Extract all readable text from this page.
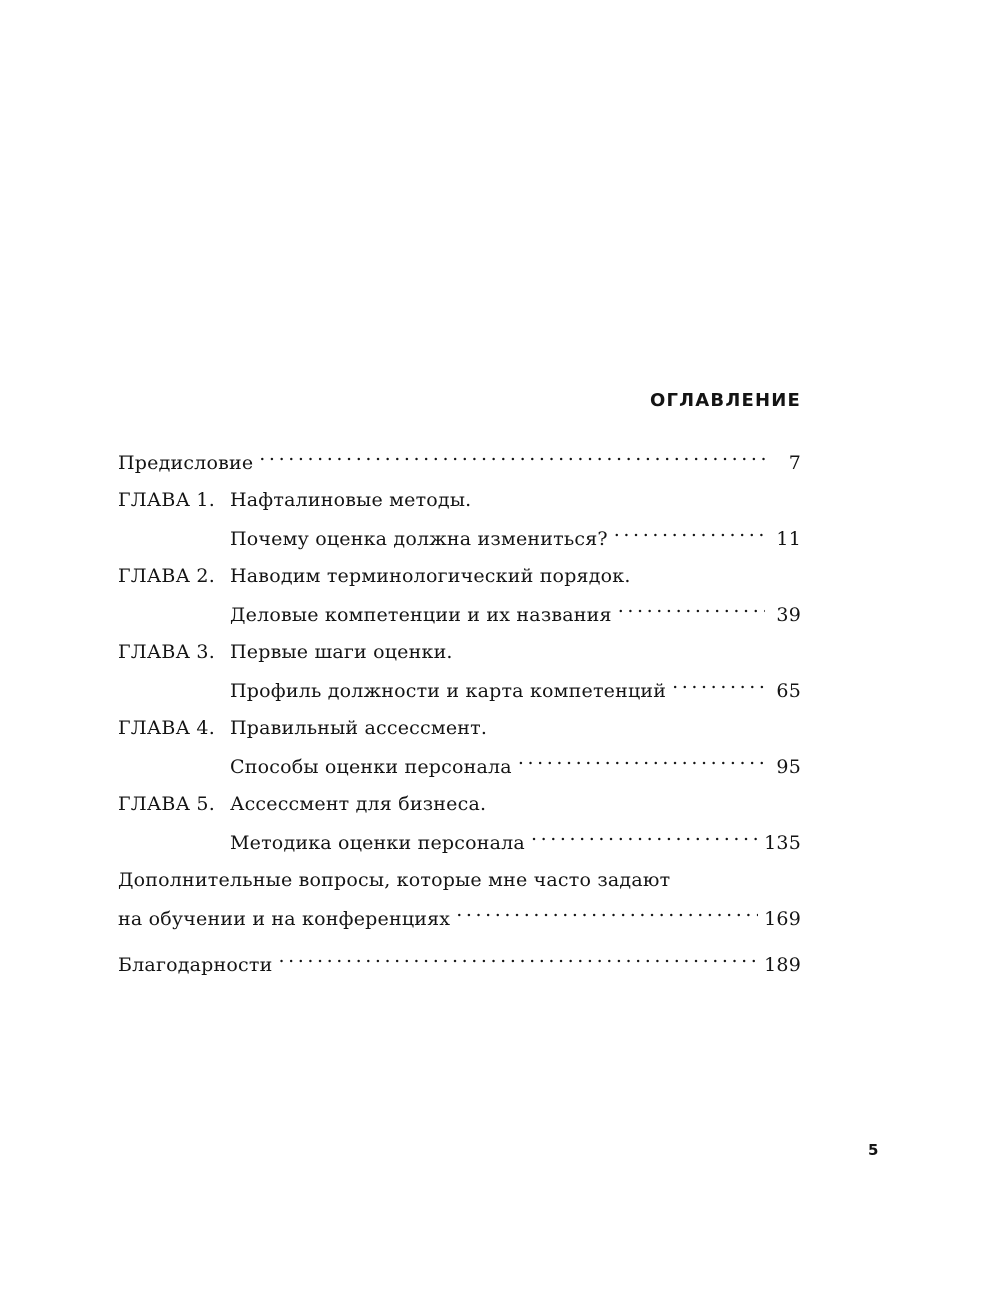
ОГЛАВЛЕНИЕ
Предисловие .....	7
ГЛАВА 1. Нафталиновые методы.
Почему оценка должна измениться? .....	11
ГЛАВА 2. Наводим терминологический порядок.
Деловые компетенции и их названия .....	39
ГЛАВА 3. Первые шаги оценки.
Профиль должности и карта компетенций .....	65
ГЛАВА 4. Правильный ассессмент.
Способы оценки персонала .....	95
ГЛАВА 5. Ассессмент для бизнеса.
Методика оценки персонала .....	135
Дополнительные вопросы, которые мне часто задают
на обучении и на конференциях .....	169
Благодарности .....	189
5
